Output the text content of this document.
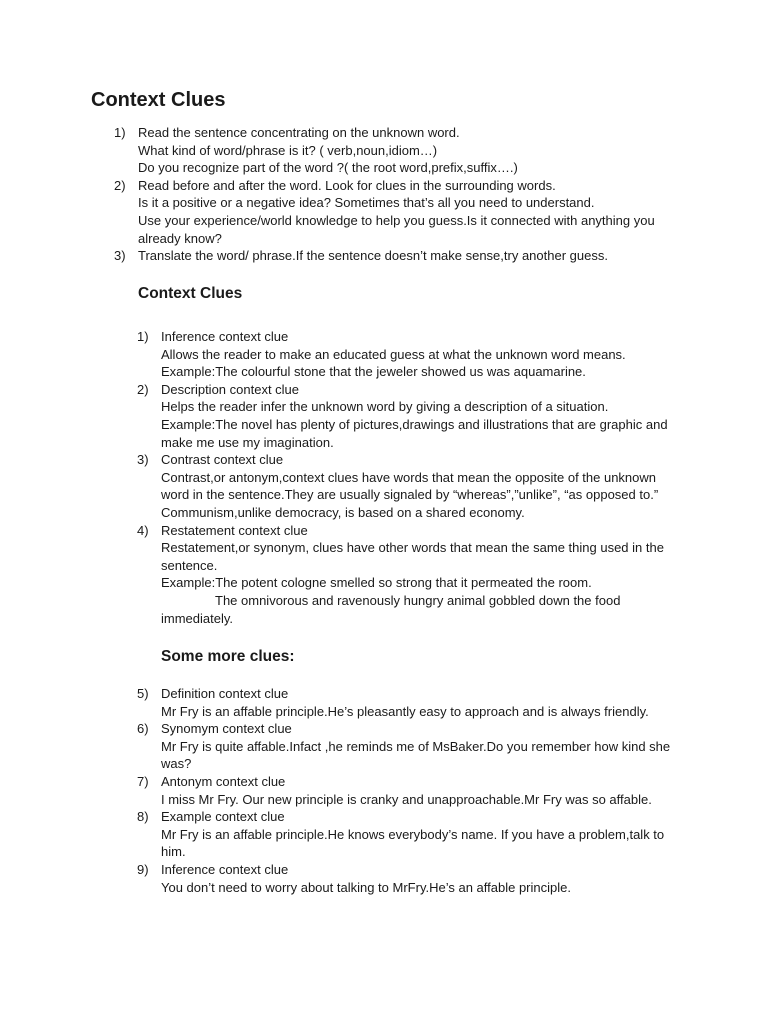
Context Clues
1) Read the sentence concentrating on the unknown word.
What kind of word/phrase is it? ( verb,noun,idiom…)
Do you recognize part of the word ?( the root word,prefix,suffix….)
2) Read before and after the word. Look for clues in the surrounding words.
Is it a positive or a negative idea? Sometimes that’s all you need to understand.
Use your experience/world knowledge to help you guess.Is it connected with anything you
already know?
3) Translate the word/ phrase.If the sentence doesn’t make sense,try another guess.
Context Clues
1) Inference context clue
Allows the reader to make an educated guess at what the unknown word means.
Example:The colourful stone that the jeweler showed us was aquamarine.
2) Description context clue
Helps the reader infer the unknown word by giving a description of a situation.
Example:The novel has plenty of pictures,drawings and illustrations that are graphic and
make me use my imagination.
3) Contrast context clue
Contrast,or antonym,context clues have words that mean the opposite of the unknown
word in the sentence.They are usually signaled by “whereas”,”unlike”, “as opposed to.”
Communism,unlike democracy, is based on a shared economy.
4) Restatement context clue
Restatement,or synonym, clues have other words that mean the same thing used in the
sentence.
Example:The potent cologne smelled so strong that it permeated the room.
The omnivorous and ravenously hungry animal gobbled down the food
immediately.
Some more clues:
5) Definition context clue
Mr Fry is an affable principle.He’s pleasantly easy to approach and is always friendly.
6) Synomym context clue
Mr Fry is quite affable.Infact ,he reminds me of MsBaker.Do you remember how kind she
was?
7) Antonym context clue
I miss Mr Fry. Our new principle is cranky and unapproachable.Mr Fry was so affable.
8) Example context clue
Mr Fry is an affable principle.He knows everybody’s name. If you have a problem,talk to
him.
9) Inference context clue
You don’t need to worry about talking to MrFry.He’s an affable principle.
